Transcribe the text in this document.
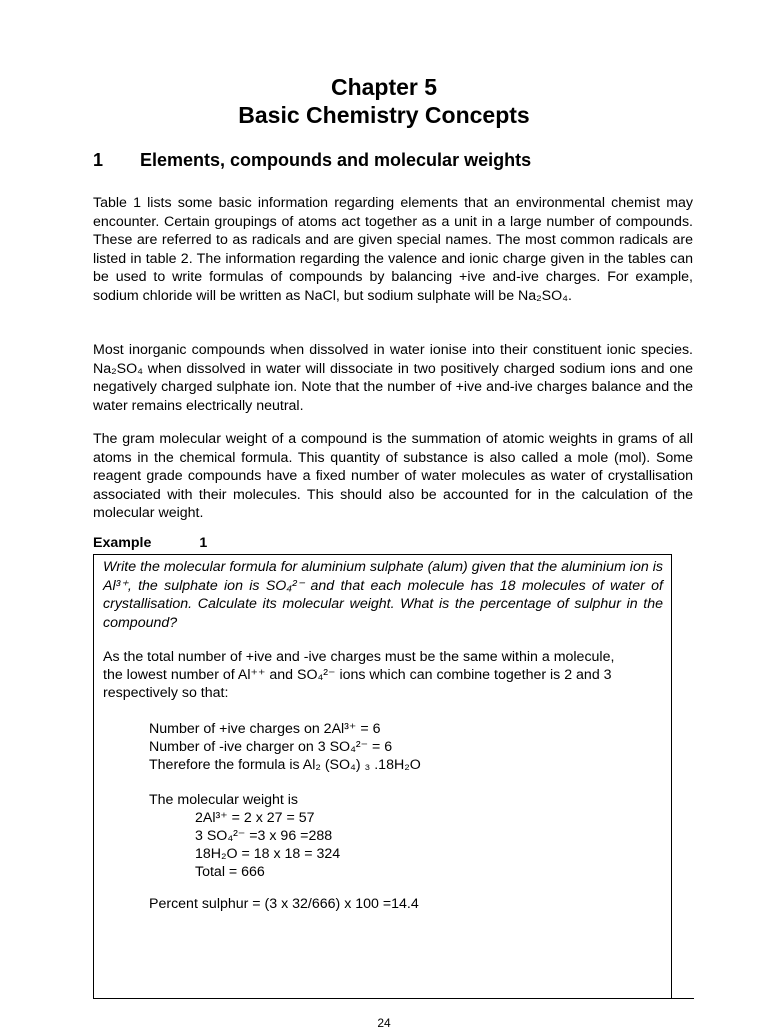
Chapter 5
Basic Chemistry Concepts
1 Elements, compounds and molecular weights

Table 1 lists some basic information regarding elements that an environmental chemist may encounter. Certain groupings of atoms act together as a unit in a large number of compounds. These are referred to as radicals and are given special names. The most common radicals are listed in table 2. The information regarding the valence and ionic charge given in the tables can be used to write formulas of compounds by balancing +ive and-ive charges. For example, sodium chloride will be written as NaCl, but sodium sulphate will be Na₂SO₄.

Most inorganic compounds when dissolved in water ionise into their constituent ionic species. Na₂SO₄ when dissolved in water will dissociate in two positively charged sodium ions and one negatively charged sulphate ion. Note that the number of +ive and-ive charges balance and the water remains electrically neutral.

The gram molecular weight of a compound is the summation of atomic weights in grams of all atoms in the chemical formula. This quantity of substance is also called a mole (mol). Some reagent grade compounds have a fixed number of water molecules as water of crystallisation associated with their molecules. This should also be accounted for in the calculation of the molecular weight.

Example	1

Write the molecular formula for aluminium sulphate (alum) given that the aluminium ion is Al³⁺, the sulphate ion is SO₄²⁻ and that each molecule has 18 molecules of water of crystallisation. Calculate its molecular weight. What is the percentage of sulphur in the compound?

As the total number of +ive and -ive charges must be the same within a molecule,
the lowest number of Al⁺⁺ and SO₄²⁻ ions which can combine together is 2 and 3
respectively so that:
Number of +ive charges on 2Al³⁺ = 6
Number of -ive charger on 3 SO₄²⁻ = 6
Therefore the formula is Al₂ (SO₄) ₃ .18H₂O
The molecular weight is
2Al³⁺ = 2 x 27 = 57
3 SO₄²⁻ =3 x 96 =288
18H₂O = 18 x 18 = 324
Total = 666
Percent sulphur = (3 x 32/666) x 100 =14.4
24
